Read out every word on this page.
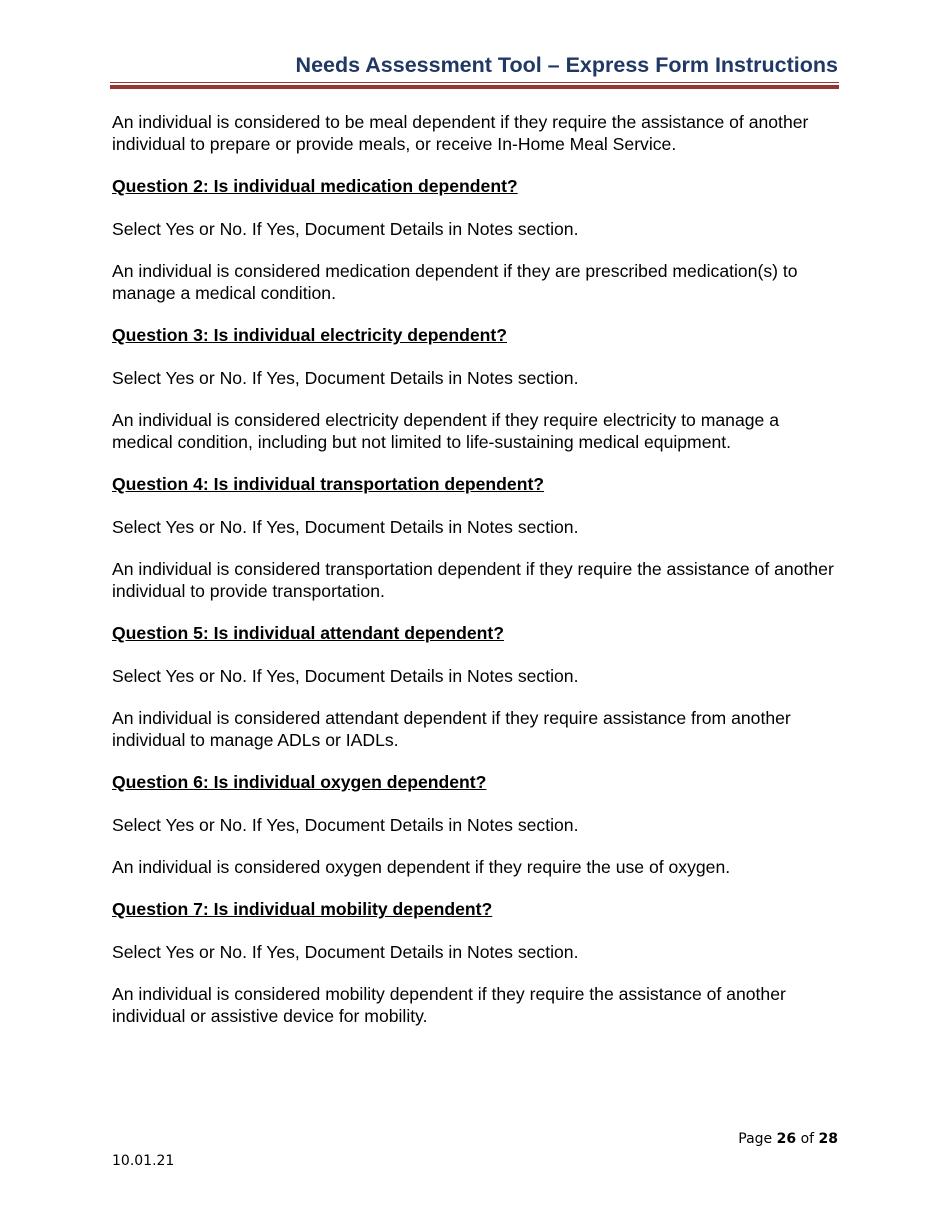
Needs Assessment Tool – Express Form Instructions

An individual is considered to be meal dependent if they require the assistance of another individual to prepare or provide meals, or receive In-Home Meal Service.

Question 2: Is individual medication dependent?

Select Yes or No. If Yes, Document Details in Notes section.

An individual is considered medication dependent if they are prescribed medication(s) to manage a medical condition.

Question 3: Is individual electricity dependent?

Select Yes or No. If Yes, Document Details in Notes section.

An individual is considered electricity dependent if they require electricity to manage a medical condition, including but not limited to life-sustaining medical equipment.

Question 4: Is individual transportation dependent?

Select Yes or No. If Yes, Document Details in Notes section.

An individual is considered transportation dependent if they require the assistance of another individual to provide transportation.

Question 5: Is individual attendant dependent?

Select Yes or No. If Yes, Document Details in Notes section.

An individual is considered attendant dependent if they require assistance from another individual to manage ADLs or IADLs.

Question 6: Is individual oxygen dependent?

Select Yes or No. If Yes, Document Details in Notes section.

An individual is considered oxygen dependent if they require the use of oxygen.

Question 7: Is individual mobility dependent?

Select Yes or No. If Yes, Document Details in Notes section.

An individual is considered mobility dependent if they require the assistance of another individual or assistive device for mobility.

Page 26 of 28
10.01.21
